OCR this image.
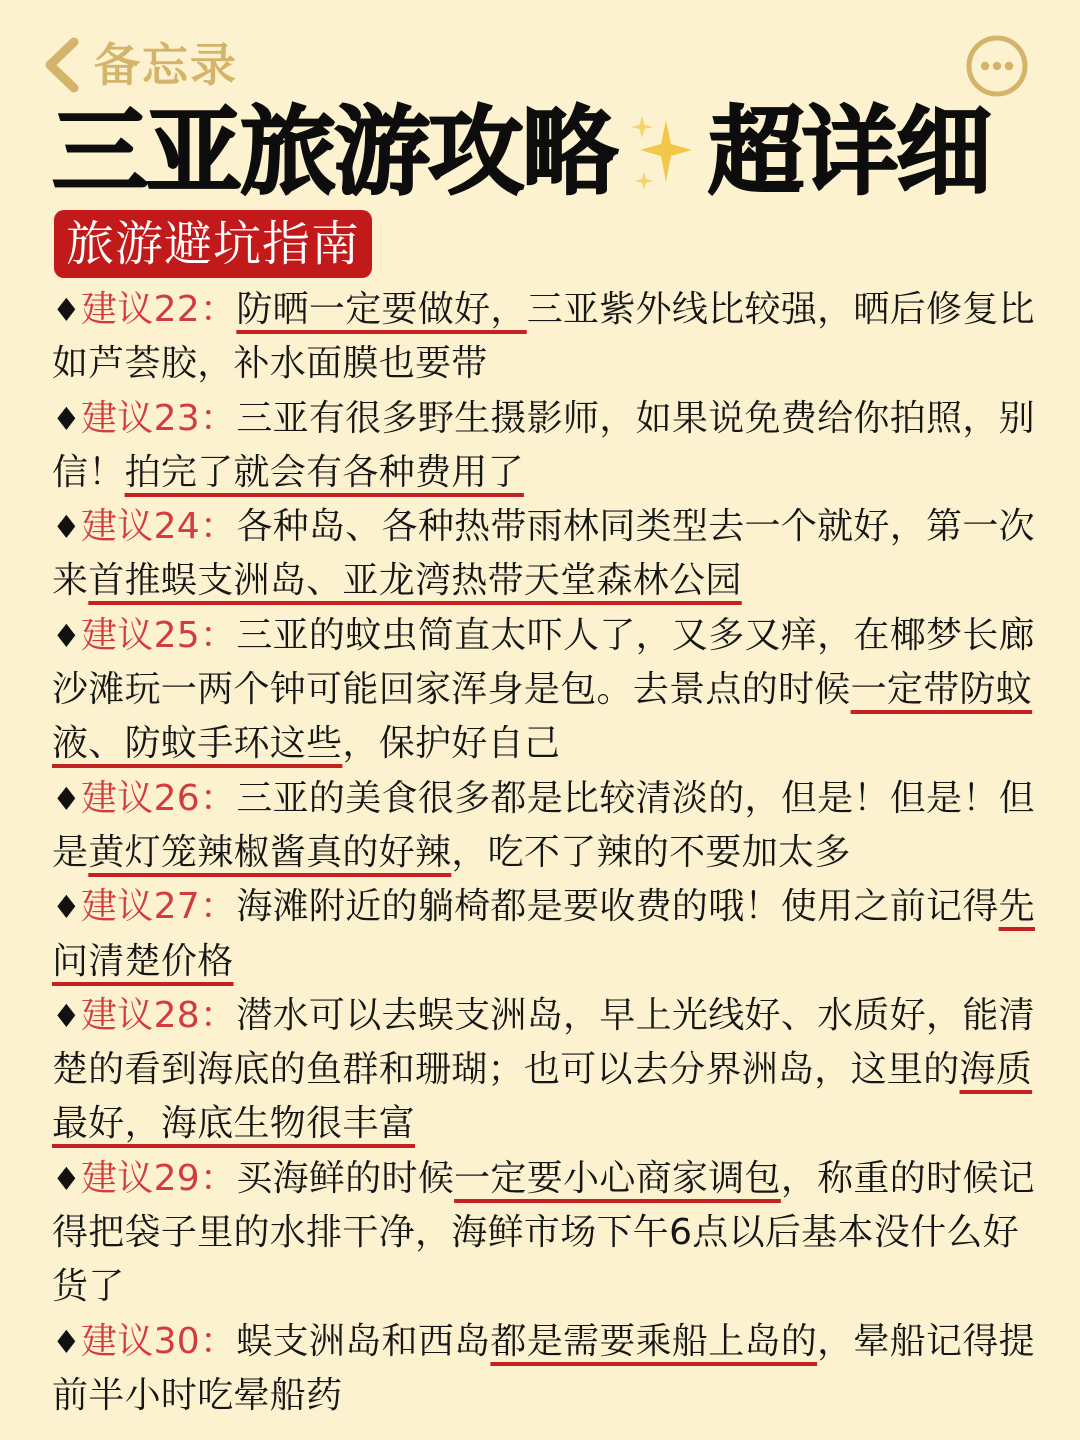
备忘录
三亚旅游攻略 超详细
旅游避坑指南
♦建议22：防晒一定要做好，三亚紫外线比较强，晒后修复比如芦荟胶，补水面膜也要带
♦建议23：三亚有很多野生摄影师，如果说免费给你拍照，别信！拍完了就会有各种费用了
♦建议24：各种岛、各种热带雨林同类型去一个就好，第一次来首推蜈支洲岛、亚龙湾热带天堂森林公园
♦建议25：三亚的蚊虫简直太吓人了，又多又痒，在椰梦长廊沙滩玩一两个钟可能回家浑身是包。去景点的时候一定带防蚊液、防蚊手环这些，保护好自己
♦建议26：三亚的美食很多都是比较清淡的，但是！但是！但是黄灯笼辣椒酱真的好辣，吃不了辣的不要加太多
♦建议27：海滩附近的躺椅都是要收费的哦！使用之前记得先问清楚价格
♦建议28：潜水可以去蜈支洲岛，早上光线好、水质好，能清楚的看到海底的鱼群和珊瑚；也可以去分界洲岛，这里的海质最好，海底生物很丰富
♦建议29：买海鲜的时候一定要小心商家调包，称重的时候记得把袋子里的水排干净，海鲜市场下午6点以后基本没什么好货了
♦建议30：蜈支洲岛和西岛都是需要乘船上岛的，晕船记得提前半小时吃晕船药
